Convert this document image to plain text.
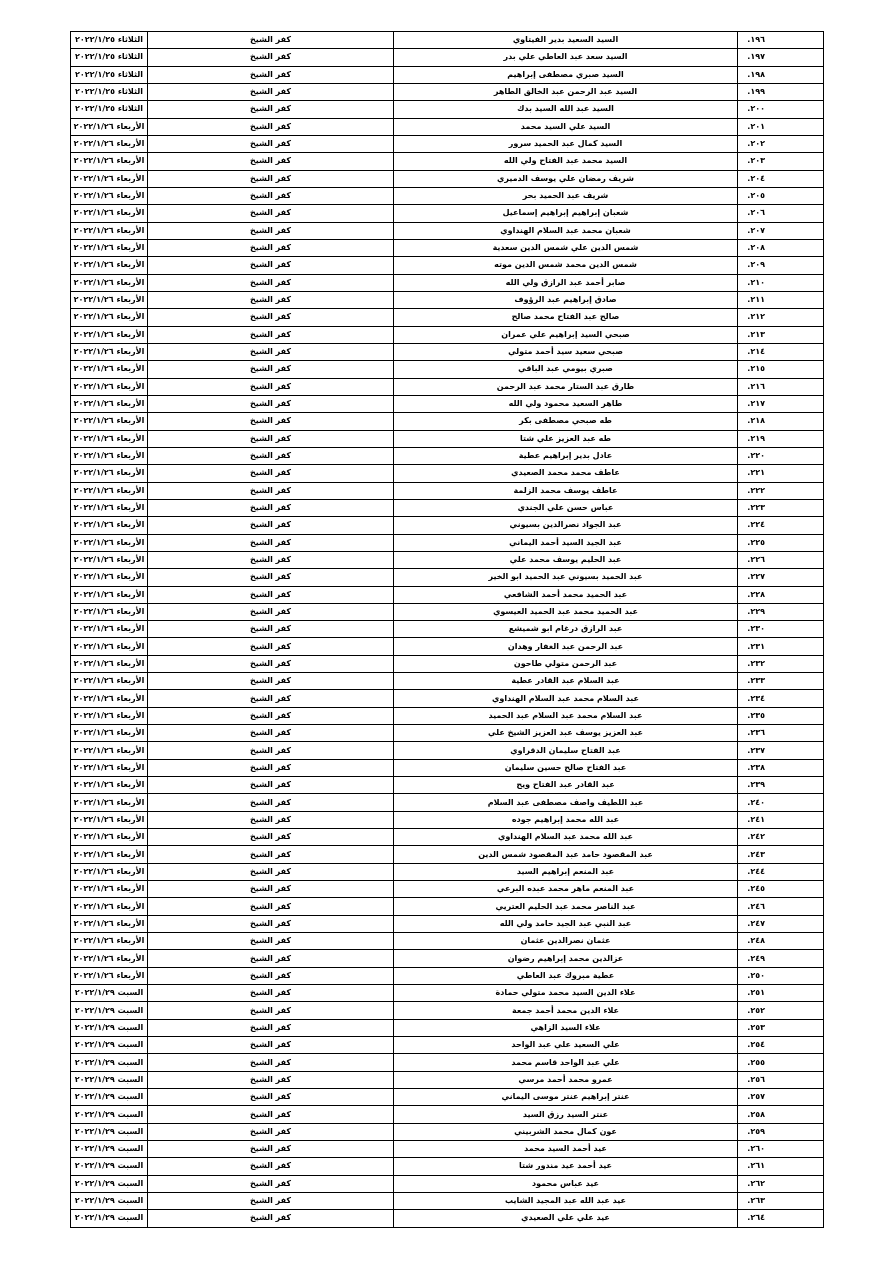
١٩٦.	السيد السعيد بدير الفيتاوي	كفر الشيخ	الثلاثاء ٢٠٢٢/١/٢٥
١٩٧.	السيد سعد عبد العاطي علي بدر	كفر الشيخ	الثلاثاء ٢٠٢٢/١/٢٥
١٩٨.	السيد صبري مصطفى إبراهيم	كفر الشيخ	الثلاثاء ٢٠٢٢/١/٢٥
١٩٩.	السيد عبد الرحمن عبد الخالق الطاهر	كفر الشيخ	الثلاثاء ٢٠٢٢/١/٢٥
٢٠٠.	السيد عبد الله السيد بدك	كفر الشيخ	الثلاثاء ٢٠٢٢/١/٢٥
٢٠١.	السيد علي السيد محمد	كفر الشيخ	الأربعاء ٢٠٢٢/١/٢٦
٢٠٢.	السيد كمال عبد الحميد سرور	كفر الشيخ	الأربعاء ٢٠٢٢/١/٢٦
٢٠٣.	السيد محمد عبد الفتاح ولي الله	كفر الشيخ	الأربعاء ٢٠٢٢/١/٢٦
٢٠٤.	شريف رمضان علي يوسف الدميري	كفر الشيخ	الأربعاء ٢٠٢٢/١/٢٦
٢٠٥.	شريف عبد الحميد بحر	كفر الشيخ	الأربعاء ٢٠٢٢/١/٢٦
٢٠٦.	شعبان إبراهيم إبراهيم إسماعيل	كفر الشيخ	الأربعاء ٢٠٢٢/١/٢٦
٢٠٧.	شعبان محمد عبد السلام الهنداوي	كفر الشيخ	الأربعاء ٢٠٢٢/١/٢٦
٢٠٨.	شمس الدين علي شمس الدين سعدية	كفر الشيخ	الأربعاء ٢٠٢٢/١/٢٦
٢٠٩.	شمس الدين محمد شمس الدين موته	كفر الشيخ	الأربعاء ٢٠٢٢/١/٢٦
٢١٠.	صابر أحمد عبد الرازق ولي الله	كفر الشيخ	الأربعاء ٢٠٢٢/١/٢٦
٢١١.	صادق إبراهيم عبد الرؤوف	كفر الشيخ	الأربعاء ٢٠٢٢/١/٢٦
٢١٢.	صالح عبد الفتاح محمد صالح	كفر الشيخ	الأربعاء ٢٠٢٢/١/٢٦
٢١٣.	صبحي السيد إبراهيم علي عمران	كفر الشيخ	الأربعاء ٢٠٢٢/١/٢٦
٢١٤.	صبحي سعيد سيد أحمد متولي	كفر الشيخ	الأربعاء ٢٠٢٢/١/٢٦
٢١٥.	صبري بيومي عبد الباقي	كفر الشيخ	الأربعاء ٢٠٢٢/١/٢٦
٢١٦.	طارق عبد الستار محمد عبد الرحمن	كفر الشيخ	الأربعاء ٢٠٢٢/١/٢٦
٢١٧.	طاهر السعيد محمود ولي الله	كفر الشيخ	الأربعاء ٢٠٢٢/١/٢٦
٢١٨.	طه صبحي مصطفى بكر	كفر الشيخ	الأربعاء ٢٠٢٢/١/٢٦
٢١٩.	طه عبد العزيز علي شتا	كفر الشيخ	الأربعاء ٢٠٢٢/١/٢٦
٢٢٠.	عادل بدير إبراهيم عطية	كفر الشيخ	الأربعاء ٢٠٢٢/١/٢٦
٢٢١.	عاطف محمد محمد الصعيدي	كفر الشيخ	الأربعاء ٢٠٢٢/١/٢٦
٢٢٢.	عاطف يوسف محمد الزلمة	كفر الشيخ	الأربعاء ٢٠٢٢/١/٢٦
٢٢٣.	عباس حسن علي الجندي	كفر الشيخ	الأربعاء ٢٠٢٢/١/٢٦
٢٢٤.	عبد الجواد نصرالدين بسيوني	كفر الشيخ	الأربعاء ٢٠٢٢/١/٢٦
٢٢٥.	عبد الجيد السيد أحمد اليماني	كفر الشيخ	الأربعاء ٢٠٢٢/١/٢٦
٢٢٦.	عبد الحليم يوسف محمد علي	كفر الشيخ	الأربعاء ٢٠٢٢/١/٢٦
٢٢٧.	عبد الحميد بسيوني عبد الحميد ابو الخير	كفر الشيخ	الأربعاء ٢٠٢٢/١/٢٦
٢٢٨.	عبد الحميد محمد أحمد الشافعي	كفر الشيخ	الأربعاء ٢٠٢٢/١/٢٦
٢٢٩.	عبد الحميد محمد عبد الحميد العيسوي	كفر الشيخ	الأربعاء ٢٠٢٢/١/٢٦
٢٣٠.	عبد الرازق درغام ابو شميشع	كفر الشيخ	الأربعاء ٢٠٢٢/١/٢٦
٢٣١.	عبد الرحمن عبد الغفار وهدان	كفر الشيخ	الأربعاء ٢٠٢٢/١/٢٦
٢٣٢.	عبد الرحمن متولي طاحون	كفر الشيخ	الأربعاء ٢٠٢٢/١/٢٦
٢٣٣.	عبد السلام عبد القادر عطية	كفر الشيخ	الأربعاء ٢٠٢٢/١/٢٦
٢٣٤.	عبد السلام محمد عبد السلام الهنداوي	كفر الشيخ	الأربعاء ٢٠٢٢/١/٢٦
٢٣٥.	عبد السلام محمد عبد السلام عبد الحميد	كفر الشيخ	الأربعاء ٢٠٢٢/١/٢٦
٢٣٦.	عبد العزيز يوسف عبد العزيز الشيخ علي	كفر الشيخ	الأربعاء ٢٠٢٢/١/٢٦
٢٣٧.	عبد الفتاح سليمان الدقراوي	كفر الشيخ	الأربعاء ٢٠٢٢/١/٢٦
٢٣٨.	عبد الفتاح صالح حسين سليمان	كفر الشيخ	الأربعاء ٢٠٢٢/١/٢٦
٢٣٩.	عبد القادر عبد الفتاح ويح	كفر الشيخ	الأربعاء ٢٠٢٢/١/٢٦
٢٤٠.	عبد اللطيف واصف مصطفى عبد السلام	كفر الشيخ	الأربعاء ٢٠٢٢/١/٢٦
٢٤١.	عبد الله محمد إبراهيم جوده	كفر الشيخ	الأربعاء ٢٠٢٢/١/٢٦
٢٤٢.	عبد الله محمد عبد السلام الهنداوي	كفر الشيخ	الأربعاء ٢٠٢٢/١/٢٦
٢٤٣.	عبد المقصود حامد عبد المقصود شمس الدين	كفر الشيخ	الأربعاء ٢٠٢٢/١/٢٦
٢٤٤.	عبد المنعم إبراهيم السيد	كفر الشيخ	الأربعاء ٢٠٢٢/١/٢٦
٢٤٥.	عبد المنعم ماهر محمد عبده البرعي	كفر الشيخ	الأربعاء ٢٠٢٢/١/٢٦
٢٤٦.	عبد الناصر محمد عبد الحليم العتريي	كفر الشيخ	الأربعاء ٢٠٢٢/١/٢٦
٢٤٧.	عبد النبي عبد الجيد حامد ولي الله	كفر الشيخ	الأربعاء ٢٠٢٢/١/٢٦
٢٤٨.	عثمان نصرالدين عثمان	كفر الشيخ	الأربعاء ٢٠٢٢/١/٢٦
٢٤٩.	عزالدين محمد إبراهيم رضوان	كفر الشيخ	الأربعاء ٢٠٢٢/١/٢٦
٢٥٠.	عطية مبروك عبد العاطي	كفر الشيخ	الأربعاء ٢٠٢٢/١/٢٦
٢٥١.	علاء الدين السيد محمد متولي حمادة	كفر الشيخ	السبت ٢٠٢٢/١/٢٩
٢٥٢.	علاء الدين محمد أحمد جمعة	كفر الشيخ	السبت ٢٠٢٢/١/٢٩
٢٥٣.	علاء السيد الزاهي	كفر الشيخ	السبت ٢٠٢٢/١/٢٩
٢٥٤.	علي السعيد علي عبد الواحد	كفر الشيخ	السبت ٢٠٢٢/١/٢٩
٢٥٥.	علي عبد الواحد قاسم محمد	كفر الشيخ	السبت ٢٠٢٢/١/٢٩
٢٥٦.	عمرو محمد أحمد مرسي	كفر الشيخ	السبت ٢٠٢٢/١/٢٩
٢٥٧.	عنتر إبراهيم عنتر موسى اليماني	كفر الشيخ	السبت ٢٠٢٢/١/٢٩
٢٥٨.	عنتر السيد رزق السيد	كفر الشيخ	السبت ٢٠٢٢/١/٢٩
٢٥٩.	عون كمال محمد الشربيني	كفر الشيخ	السبت ٢٠٢٢/١/٢٩
٢٦٠.	عيد أحمد السيد محمد	كفر الشيخ	السبت ٢٠٢٢/١/٢٩
٢٦١.	عيد أحمد عيد مندور شتا	كفر الشيخ	السبت ٢٠٢٢/١/٢٩
٢٦٢.	عيد عباس محمود	كفر الشيخ	السبت ٢٠٢٢/١/٢٩
٢٦٣.	عيد عبد الله عبد المجيد الشايب	كفر الشيخ	السبت ٢٠٢٢/١/٢٩
٢٦٤.	عيد علي علي الصعيدي	كفر الشيخ	السبت ٢٠٢٢/١/٢٩
